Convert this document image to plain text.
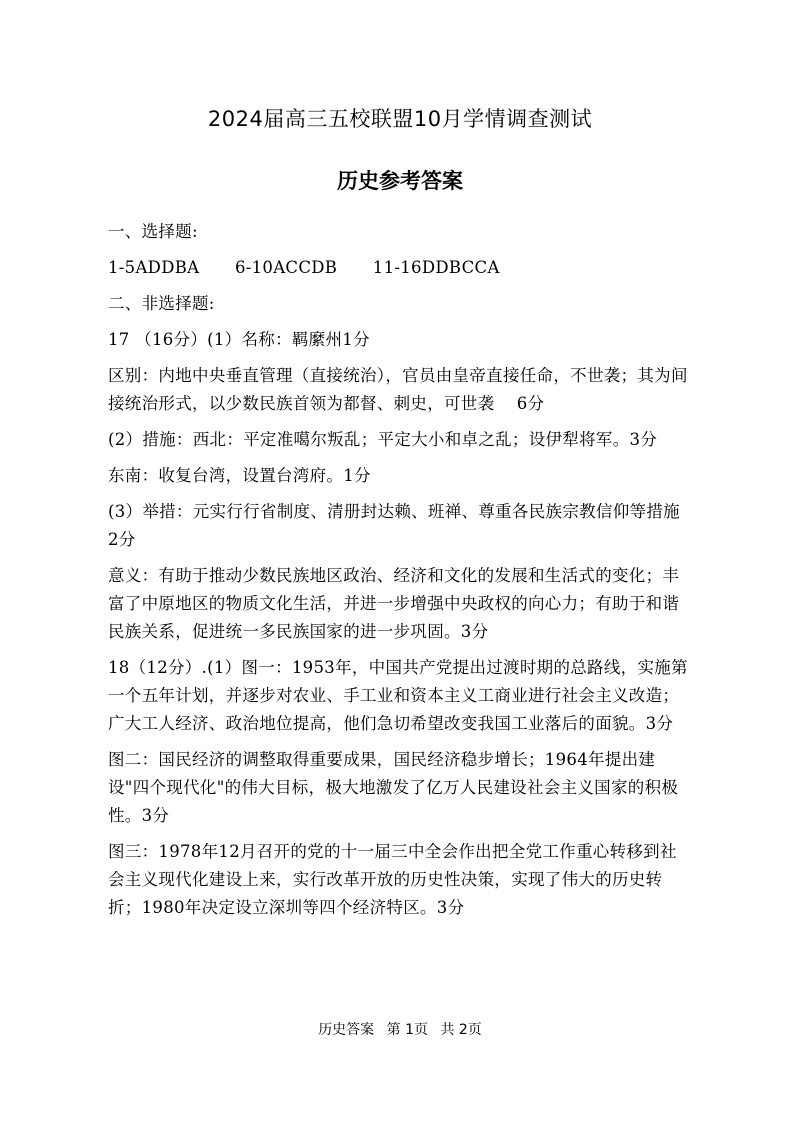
2024届高三五校联盟10月学情调查测试
历史参考答案
一、选择题:
1-5ADDBA 6-10ACCDB 11-16DDBCCA
二、非选择题:
17 （16分）(1）名称：羁縻州1分
区别：内地中央垂直管理（直接统治），官员由皇帝直接任命，不世袭；其为间接统治形式，以少数民族首领为都督、刺史，可世袭　 6分
(2）措施：西北：平定准噶尔叛乱；平定大小和卓之乱；设伊犁将军。3分
东南：收复台湾，设置台湾府。1分
(3）举措：元实行行省制度、清册封达赖、班禅、尊重各民族宗教信仰等措施 2分
意义：有助于推动少数民族地区政治、经济和文化的发展和生活式的变化；丰富了中原地区的物质文化生活，并进一步增强中央政权的向心力；有助于和谐民族关系，促进统一多民族国家的进一步巩固。3分
18（12分）.(1）图一：1953年，中国共产党提出过渡时期的总路线，实施第一个五年计划，并逐步对农业、手工业和资本主义工商业进行社会主义改造；广大工人经济、政治地位提高，他们急切希望改变我国工业落后的面貌。3分
图二：国民经济的调整取得重要成果，国民经济稳步增长；1964年提出建设"四个现代化"的伟大目标，极大地激发了亿万人民建设社会主义国家的积极性。3分
图三：1978年12月召开的党的十一届三中全会作出把全党工作重心转移到社会主义现代化建设上来，实行改革开放的历史性决策，实现了伟大的历史转折；1980年决定设立深圳等四个经济特区。3分
历史答案 第 1页 共 2页
